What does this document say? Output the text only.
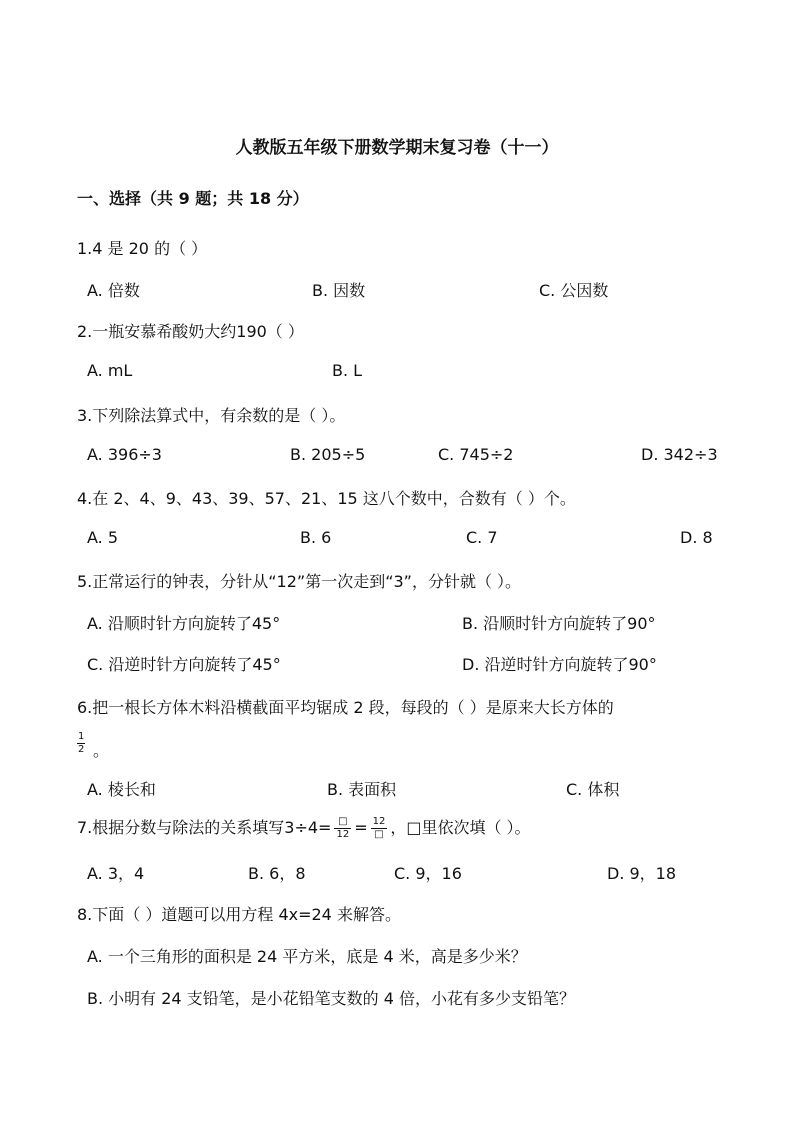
人教版五年级下册数学期末复习卷（十一）
一、选择（共 9 题；共 18 分）
1.4 是 20 的（ ）
A. 倍数	B. 因数	C. 公因数
2.一瓶安慕希酸奶大约190（ ）
A. mL	B. L
3.下列除法算式中，有余数的是（ ）。
A. 396÷3	B. 205÷5	C. 745÷2	D. 342÷3
4.在 2、4、9、43、39、57、21、15 这八个数中，合数有（ ）个。
A. 5	B. 6	C. 7	D. 8
5.正常运行的钟表，分针从“12”第一次走到“3”，分针就（ ）。
A. 沿顺时针方向旋转了45°	B. 沿顺时针方向旋转了90°
C. 沿逆时针方向旋转了45°	D. 沿逆时针方向旋转了90°
6.把一根长方体木料沿横截面平均锯成 2 段，每段的（ ）是原来大长方体的
$\frac{1}{2}$ 。
A. 棱长和	B. 表面积	C. 体积
7.根据分数与除法的关系填写$3\div 4= \frac{□}{12} = \frac{12}{□}$ ，□里依次填（ ）。
A. 3，4	B. 6，8	C. 9，16	D. 9，18
8.下面（ ）道题可以用方程 4x=24 来解答。
A. 一个三角形的面积是 24 平方米，底是 4 米，高是多少米？
B. 小明有 24 支铅笔，是小花铅笔支数的 4 倍，小花有多少支铅笔？
